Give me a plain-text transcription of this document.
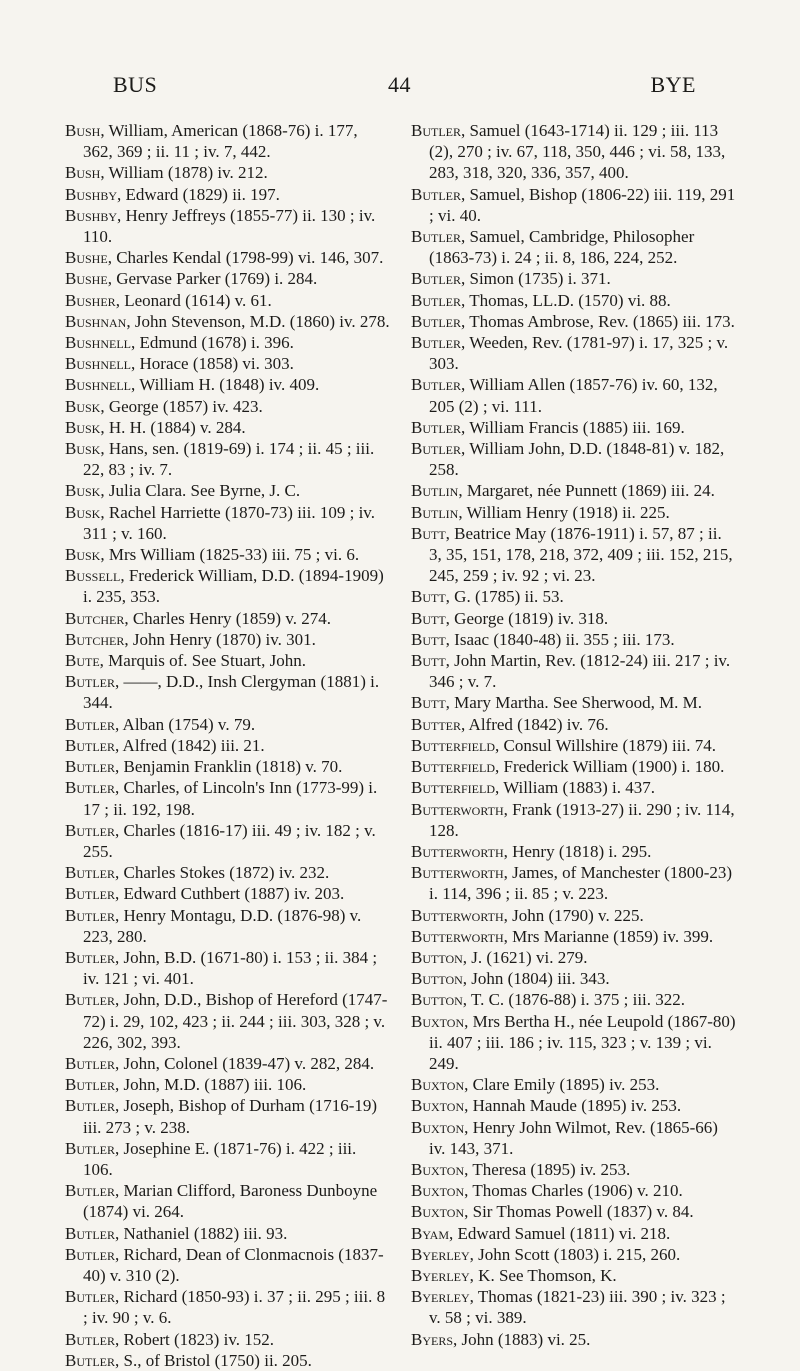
BUS	44	BYE
Bush, William, American (1868-76) i. 177, 362, 369 ; ii. 11 ; iv. 7, 442.
Bush, William (1878) iv. 212.
Bushby, Edward (1829) ii. 197.
Bushby, Henry Jeffreys (1855-77) ii. 130 ; iv. 110.
Bushe, Charles Kendal (1798-99) vi. 146, 307.
Bushe, Gervase Parker (1769) i. 284.
Busher, Leonard (1614) v. 61.
Bushnan, John Stevenson, M.D. (1860) iv. 278.
Bushnell, Edmund (1678) i. 396.
Bushnell, Horace (1858) vi. 303.
Bushnell, William H. (1848) iv. 409.
Busk, George (1857) iv. 423.
Busk, H. H. (1884) v. 284.
Busk, Hans, sen. (1819-69) i. 174 ; ii. 45 ; iii. 22, 83 ; iv. 7.
Busk, Julia Clara. See Byrne, J. C.
Busk, Rachel Harriette (1870-73) iii. 109 ; iv. 311 ; v. 160.
Busk, Mrs William (1825-33) iii. 75 ; vi. 6.
Bussell, Frederick William, D.D. (1894-1909) i. 235, 353.
Butcher, Charles Henry (1859) v. 274.
Butcher, John Henry (1870) iv. 301.
Bute, Marquis of. See Stuart, John.
Butler, ——, D.D., Insh Clergyman (1881) i. 344.
Butler, Alban (1754) v. 79.
Butler, Alfred (1842) iii. 21.
Butler, Benjamin Franklin (1818) v. 70.
Butler, Charles, of Lincoln's Inn (1773-99) i. 17 ; ii. 192, 198.
Butler, Charles (1816-17) iii. 49 ; iv. 182 ; v. 255.
Butler, Charles Stokes (1872) iv. 232.
Butler, Edward Cuthbert (1887) iv. 203.
Butler, Henry Montagu, D.D. (1876-98) v. 223, 280.
Butler, John, B.D. (1671-80) i. 153 ; ii. 384 ; iv. 121 ; vi. 401.
Butler, John, D.D., Bishop of Hereford (1747-72) i. 29, 102, 423 ; ii. 244 ; iii. 303, 328 ; v. 226, 302, 393.
Butler, John, Colonel (1839-47) v. 282, 284.
Butler, John, M.D. (1887) iii. 106.
Butler, Joseph, Bishop of Durham (1716-19) iii. 273 ; v. 238.
Butler, Josephine E. (1871-76) i. 422 ; iii. 106.
Butler, Marian Clifford, Baroness Dunboyne (1874) vi. 264.
Butler, Nathaniel (1882) iii. 93.
Butler, Richard, Dean of Clonmacnois (1837-40) v. 310 (2).
Butler, Richard (1850-93) i. 37 ; ii. 295 ; iii. 8 ; iv. 90 ; v. 6.
Butler, Robert (1823) iv. 152.
Butler, S., of Bristol (1750) ii. 205.
Butler, Samuel (1643-1714) ii. 129 ; iii. 113 (2), 270 ; iv. 67, 118, 350, 446 ; vi. 58, 133, 283, 318, 320, 336, 357, 400.
Butler, Samuel, Bishop (1806-22) iii. 119, 291 ; vi. 40.
Butler, Samuel, Cambridge, Philosopher (1863-73) i. 24 ; ii. 8, 186, 224, 252.
Butler, Simon (1735) i. 371.
Butler, Thomas, LL.D. (1570) vi. 88.
Butler, Thomas Ambrose, Rev. (1865) iii. 173.
Butler, Weeden, Rev. (1781-97) i. 17, 325 ; v. 303.
Butler, William Allen (1857-76) iv. 60, 132, 205 (2) ; vi. 111.
Butler, William Francis (1885) iii. 169.
Butler, William John, D.D. (1848-81) v. 182, 258.
Butlin, Margaret, née Punnett (1869) iii. 24.
Butlin, William Henry (1918) ii. 225.
Butt, Beatrice May (1876-1911) i. 57, 87 ; ii. 3, 35, 151, 178, 218, 372, 409 ; iii. 152, 215, 245, 259 ; iv. 92 ; vi. 23.
Butt, G. (1785) ii. 53.
Butt, George (1819) iv. 318.
Butt, Isaac (1840-48) ii. 355 ; iii. 173.
Butt, John Martin, Rev. (1812-24) iii. 217 ; iv. 346 ; v. 7.
Butt, Mary Martha. See Sherwood, M. M.
Butter, Alfred (1842) iv. 76.
Butterfield, Consul Willshire (1879) iii. 74.
Butterfield, Frederick William (1900) i. 180.
Butterfield, William (1883) i. 437.
Butterworth, Frank (1913-27) ii. 290 ; iv. 114, 128.
Butterworth, Henry (1818) i. 295.
Butterworth, James, of Manchester (1800-23) i. 114, 396 ; ii. 85 ; v. 223.
Butterworth, John (1790) v. 225.
Butterworth, Mrs Marianne (1859) iv. 399.
Button, J. (1621) vi. 279.
Button, John (1804) iii. 343.
Button, T. C. (1876-88) i. 375 ; iii. 322.
Buxton, Mrs Bertha H., née Leupold (1867-80) ii. 407 ; iii. 186 ; iv. 115, 323 ; v. 139 ; vi. 249.
Buxton, Clare Emily (1895) iv. 253.
Buxton, Hannah Maude (1895) iv. 253.
Buxton, Henry John Wilmot, Rev. (1865-66) iv. 143, 371.
Buxton, Theresa (1895) iv. 253.
Buxton, Thomas Charles (1906) v. 210.
Buxton, Sir Thomas Powell (1837) v. 84.
Byam, Edward Samuel (1811) vi. 218.
Byerley, John Scott (1803) i. 215, 260.
Byerley, K. See Thomson, K.
Byerley, Thomas (1821-23) iii. 390 ; iv. 323 ; v. 58 ; vi. 389.
Byers, John (1883) vi. 25.
